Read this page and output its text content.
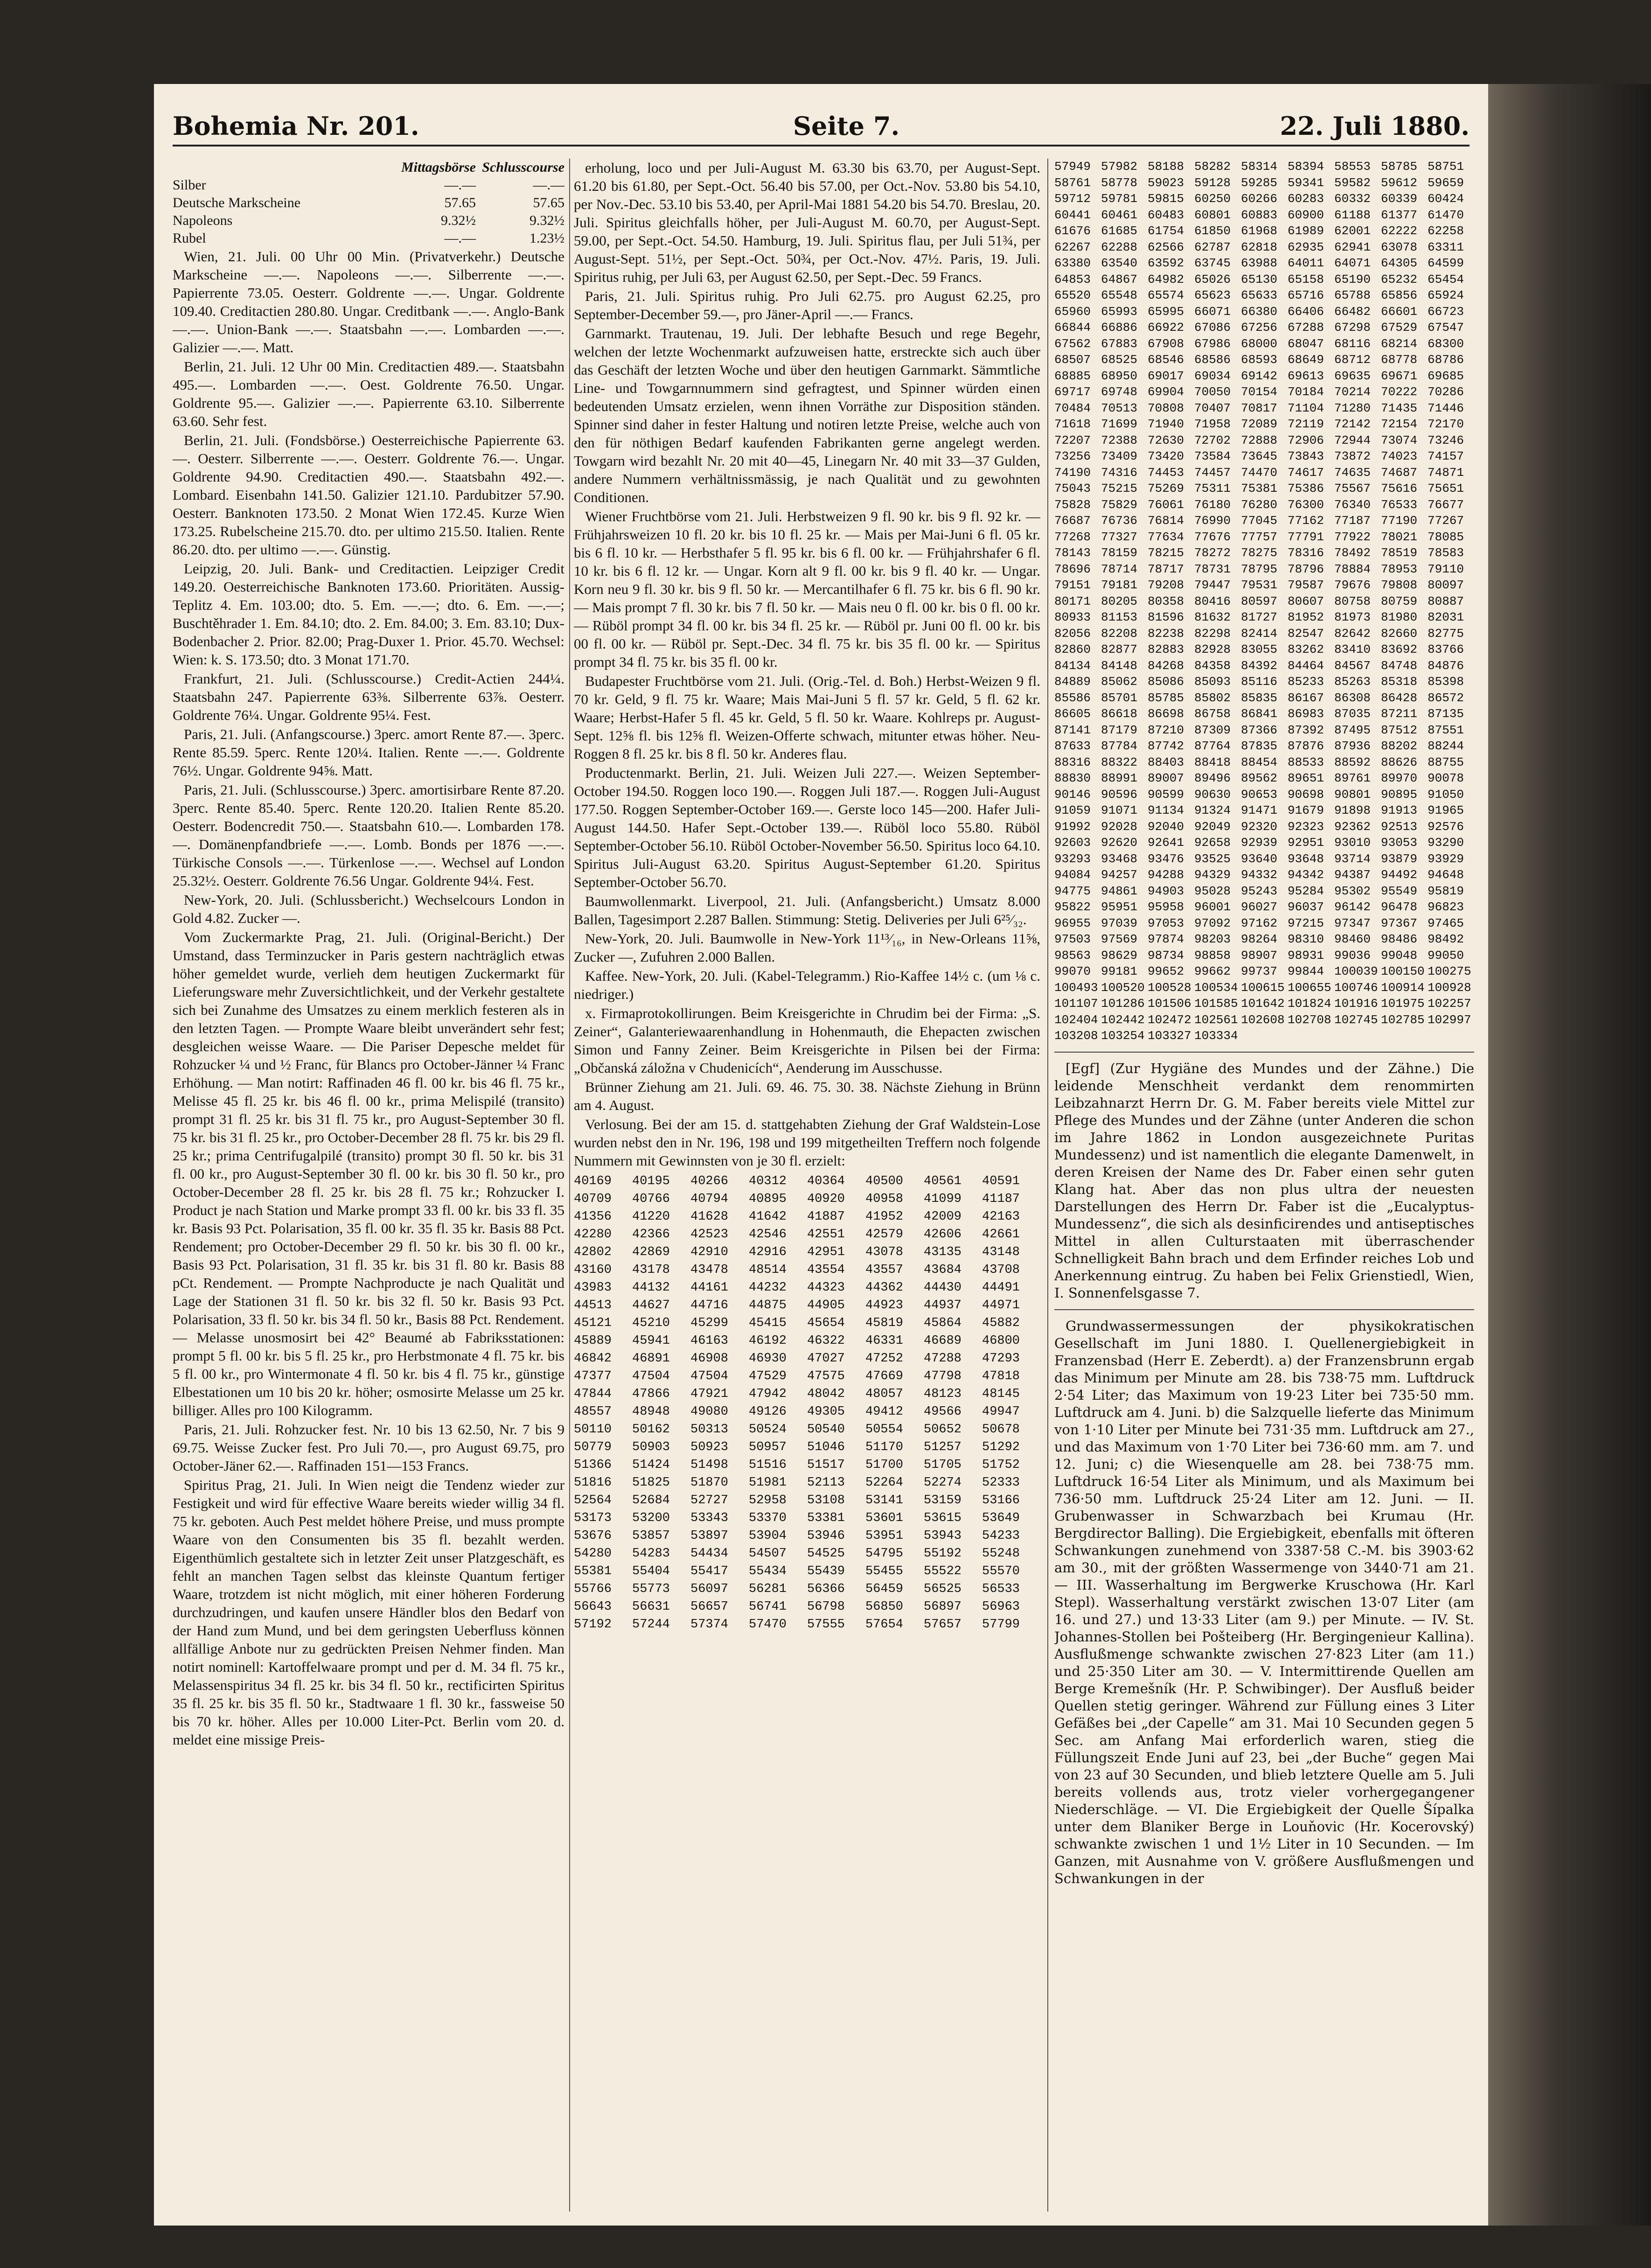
Bohemia Nr. 201.	Seite 7.	22. Juli 1880.
Mittagsbörse Schlusscourse
Silber	—.—	—.—
Deutsche Markscheine	57.65	57.65
Napoleons	9.32½	9.32½
Rubel	—.—	1.23½

Wien, 21. Juli. 00 Uhr 00 Min. (Privatverkehr.) Deutsche Markscheine —.—. Napoleons —.—. Silberrente —.—. Papierrente 73.05. Oesterr. Goldrente —.—. Ungar. Goldrente 109.40. Creditactien 280.80. Ungar. Creditbank —.—. Anglo-Bank —.—. Union-Bank —.—. Staatsbahn —.—. Lombarden —.—. Galizier —.—. Matt.

Berlin, 21. Juli. 12 Uhr 00 Min. Creditactien 489.—. Staatsbahn 495.—. Lombarden —.—. Oest. Goldrente 76.50. Ungar. Goldrente 95.—. Galizier —.—. Papierrente 63.10. Silberrente 63.60. Sehr fest.

Berlin, 21. Juli. (Fondsbörse.) Oesterreichische Papierrente 63.—. Oesterr. Silberrente —.—. Oesterr. Goldrente 76.—. Ungar. Goldrente 94.90. Creditactien 490.—. Staatsbahn 492.—. Lombard. Eisenbahn 141.50. Galizier 121.10. Pardubitzer 57.90. Oesterr. Banknoten 173.50. 2 Monat Wien 172.45. Kurze Wien 173.25. Rubelscheine 215.70. dto. per ultimo 215.50. Italien. Rente 86.20. dto. per ultimo —.—. Günstig.

Leipzig, 20. Juli. Bank- und Creditactien. Leipziger Credit 149.20. Oesterreichische Banknoten 173.60. Prioritäten. Aussig-Teplitz 4. Em. 103.00; dto. 5. Em. —.—; dto. 6. Em. —.—; Buschtěhrader 1. Em. 84.10; dto. 2. Em. 84.00; 3. Em. 83.10; Dux-Bodenbacher 2. Prior. 82.00; Prag-Duxer 1. Prior. 45.70. Wechsel: Wien: k. S. 173.50; dto. 3 Monat 171.70.

Frankfurt, 21. Juli. (Schlusscourse.) Credit-Actien 244¼. Staatsbahn 247. Papierrente 63⅜. Silberrente 63⅞. Oesterr. Goldrente 76¼. Ungar. Goldrente 95¼. Fest.

Paris, 21. Juli. (Anfangscourse.) 3perc. amort Rente 87.—. 3perc. Rente 85.59. 5perc. Rente 120¼. Italien. Rente —.—. Goldrente 76½. Ungar. Goldrente 94⅝. Matt.

Paris, 21. Juli. (Schlusscourse.) 3perc. amortisirbare Rente 87.20. 3perc. Rente 85.40. 5perc. Rente 120.20. Italien Rente 85.20. Oesterr. Bodencredit 750.—. Staatsbahn 610.—. Lombarden 178.—. Domänenpfandbriefe —.—. Lomb. Bonds per 1876 —.—. Türkische Consols —.—. Türkenlose —.—. Wechsel auf London 25.32½. Oesterr. Goldrente 76.56 Ungar. Goldrente 94¼. Fest.

New-York, 20. Juli. (Schlussbericht.) Wechselcours London in Gold 4.82. Zucker —.

Vom Zuckermarkte Prag, 21. Juli. (Original-Bericht.) Der Umstand, dass Terminzucker in Paris gestern nachträglich etwas höher gemeldet wurde, verlieh dem heutigen Zuckermarkt für Lieferungsware mehr Zuversichtlichkeit, und der Verkehr gestaltete sich bei Zunahme des Umsatzes zu einem merklich festeren als in den letzten Tagen. — Prompte Waare bleibt unverändert sehr fest; desgleichen weisse Waare. — Die Pariser Depesche meldet für Rohzucker ¼ und ½ Franc, für Blancs pro October-Jänner ¼ Franc Erhöhung. — Man notirt: Raffinaden 46 fl. 00 kr. bis 46 fl. 75 kr., Melisse 45 fl. 25 kr. bis 46 fl. 00 kr., prima Melispilé (transito) prompt 31 fl. 25 kr. bis 31 fl. 75 kr., pro August-September 30 fl. 75 kr. bis 31 fl. 25 kr., pro October-December 28 fl. 75 kr. bis 29 fl. 25 kr.; prima Centrifugalpilé (transito) prompt 30 fl. 50 kr. bis 31 fl. 00 kr., pro August-September 30 fl. 00 kr. bis 30 fl. 50 kr., pro October-December 28 fl. 25 kr. bis 28 fl. 75 kr.; Rohzucker I. Product je nach Station und Marke prompt 33 fl. 00 kr. bis 33 fl. 35 kr. Basis 93 Pct. Polarisation, 35 fl. 00 kr. 35 fl. 35 kr. Basis 88 Pct. Rendement; pro October-December 29 fl. 50 kr. bis 30 fl. 00 kr., Basis 93 Pct. Polarisation, 31 fl. 35 kr. bis 31 fl. 80 kr. Basis 88 pCt. Rendement. — Prompte Nachproducte je nach Qualität und Lage der Stationen 31 fl. 50 kr. bis 32 fl. 50 kr. Basis 93 Pct. Polarisation, 33 fl. 50 kr. bis 34 fl. 50 kr., Basis 88 Pct. Rendement. — Melasse unosmosirt bei 42° Beaumé ab Fabriksstationen: prompt 5 fl. 00 kr. bis 5 fl. 25 kr., pro Herbstmonate 4 fl. 75 kr. bis 5 fl. 00 kr., pro Wintermonate 4 fl. 50 kr. bis 4 fl. 75 kr., günstige Elbestationen um 10 bis 20 kr. höher; osmosirte Melasse um 25 kr. billiger. Alles pro 100 Kilogramm.

Paris, 21. Juli. Rohzucker fest. Nr. 10 bis 13 62.50, Nr. 7 bis 9 69.75. Weisse Zucker fest. Pro Juli 70.—, pro August 69.75, pro October-Jäner 62.—. Raffinaden 151—153 Francs.

Spiritus Prag, 21. Juli. In Wien neigt die Tendenz wieder zur Festigkeit und wird für effective Waare bereits wieder willig 34 fl. 75 kr. geboten. Auch Pest meldet höhere Preise, und muss prompte Waare von den Consumenten bis 35 fl. bezahlt werden. Eigenthümlich gestaltete sich in letzter Zeit unser Platzgeschäft, es fehlt an manchen Tagen selbst das kleinste Quantum fertiger Waare, trotzdem ist nicht möglich, mit einer höheren Forderung durchzudringen, und kaufen unsere Händler blos den Bedarf von der Hand zum Mund, und bei dem geringsten Ueberfluss können allfällige Anbote nur zu gedrückten Preisen Nehmer finden. Man notirt nominell: Kartoffelwaare prompt und per d. M. 34 fl. 75 kr., Melassenspiritus 34 fl. 25 kr. bis 34 fl. 50 kr., rectificirten Spiritus 35 fl. 25 kr. bis 35 fl. 50 kr., Stadtwaare 1 fl. 30 kr., fassweise 50 bis 70 kr. höher. Alles per 10.000 Liter-Pct. Berlin vom 20. d. meldet eine missige Preis-

erholung, loco und per Juli-August M. 63.30 bis 63.70, per August-Sept. 61.20 bis 61.80, per Sept.-Oct. 56.40 bis 57.00, per Oct.-Nov. 53.80 bis 54.10, per Nov.-Dec. 53.10 bis 53.40, per April-Mai 1881 54.20 bis 54.70. Breslau, 20. Juli. Spiritus gleichfalls höher, per Juli-August M. 60.70, per August-Sept. 59.00, per Sept.-Oct. 54.50. Hamburg, 19. Juli. Spiritus flau, per Juli 51¾, per August-Sept. 51½, per Sept.-Oct. 50¾, per Oct.-Nov. 47½. Paris, 19. Juli. Spiritus ruhig, per Juli 63, per August 62.50, per Sept.-Dec. 59 Francs.

Paris, 21. Juli. Spiritus ruhig. Pro Juli 62.75. pro August 62.25, pro September-December 59.—, pro Jäner-April —.— Francs.

Garnmarkt. Trautenau, 19. Juli. Der lebhafte Besuch und rege Begehr, welchen der letzte Wochenmarkt aufzuweisen hatte, erstreckte sich auch über das Geschäft der letzten Woche und über den heutigen Garnmarkt. Sämmtliche Line- und Towgarnnummern sind gefragtest, und Spinner würden einen bedeutenden Umsatz erzielen, wenn ihnen Vorräthe zur Disposition ständen. Spinner sind daher in fester Haltung und notiren letzte Preise, welche auch von den für nöthigen Bedarf kaufenden Fabrikanten gerne angelegt werden. Towgarn wird bezahlt Nr. 20 mit 40—45, Linegarn Nr. 40 mit 33—37 Gulden, andere Nummern verhältnissmässig, je nach Qualität und zu gewohnten Conditionen.

Wiener Fruchtbörse vom 21. Juli. Herbstweizen 9 fl. 90 kr. bis 9 fl. 92 kr. — Frühjahrsweizen 10 fl. 20 kr. bis 10 fl. 25 kr. — Mais per Mai-Juni 6 fl. 05 kr. bis 6 fl. 10 kr. — Herbsthafer 5 fl. 95 kr. bis 6 fl. 00 kr. — Frühjahrshafer 6 fl. 10 kr. bis 6 fl. 12 kr. — Ungar. Korn alt 9 fl. 00 kr. bis 9 fl. 40 kr. — Ungar. Korn neu 9 fl. 30 kr. bis 9 fl. 50 kr. — Mercantilhafer 6 fl. 75 kr. bis 6 fl. 90 kr. — Mais prompt 7 fl. 30 kr. bis 7 fl. 50 kr. — Mais neu 0 fl. 00 kr. bis 0 fl. 00 kr. — Rüböl prompt 34 fl. 00 kr. bis 34 fl. 25 kr. — Rüböl pr. Juni 00 fl. 00 kr. bis 00 fl. 00 kr. — Rüböl pr. Sept.-Dec. 34 fl. 75 kr. bis 35 fl. 00 kr. — Spiritus prompt 34 fl. 75 kr. bis 35 fl. 00 kr.

Budapester Fruchtbörse vom 21. Juli. (Orig.-Tel. d. Boh.) Herbst-Weizen 9 fl. 70 kr. Geld, 9 fl. 75 kr. Waare; Mais Mai-Juni 5 fl. 57 kr. Geld, 5 fl. 62 kr. Waare; Herbst-Hafer 5 fl. 45 kr. Geld, 5 fl. 50 kr. Waare. Kohlreps pr. August-Sept. 12⅝ fl. bis 12⅝ fl. Weizen-Offerte schwach, mitunter etwas höher. Neu-Roggen 8 fl. 25 kr. bis 8 fl. 50 kr. Anderes flau.

Productenmarkt. Berlin, 21. Juli. Weizen Juli 227.—. Weizen September-October 194.50. Roggen loco 190.—. Roggen Juli 187.—. Roggen Juli-August 177.50. Roggen September-October 169.—. Gerste loco 145—200. Hafer Juli-August 144.50. Hafer Sept.-October 139.—. Rüböl loco 55.80. Rüböl September-October 56.10. Rüböl October-November 56.50. Spiritus loco 64.10. Spiritus Juli-August 63.20. Spiritus August-September 61.20. Spiritus September-October 56.70.

Baumwollenmarkt. Liverpool, 21. Juli. (Anfangsbericht.) Umsatz 8.000 Ballen, Tagesimport 2.287 Ballen. Stimmung: Stetig. Deliveries per Juli 6²⁵⁄₃₂.

New-York, 20. Juli. Baumwolle in New-York 11¹³⁄₁₆, in New-Orleans 11⅝, Zucker —, Zufuhren 2.000 Ballen.

Kaffee. New-York, 20. Juli. (Kabel-Telegramm.) Rio-Kaffee 14½ c. (um ⅛ c. niedriger.)

x. Firmaprotokollirungen. Beim Kreisgerichte in Chrudim bei der Firma: „S. Zeiner“, Galanteriewaarenhandlung in Hohenmauth, die Ehepacten zwischen Simon und Fanny Zeiner. Beim Kreisgerichte in Pilsen bei der Firma: „Občanská záložna v Chudenicích“, Aenderung im Ausschusse.

Brünner Ziehung am 21. Juli. 69. 46. 75. 30. 38. Nächste Ziehung in Brünn am 4. August.

Verlosung. Bei der am 15. d. stattgehabten Ziehung der Graf Waldstein-Lose wurden nebst den in Nr. 196, 198 und 199 mitgetheilten Treffern noch folgende Nummern mit Gewinnsten von je 30 fl. erzielt:

40169	40195	40266	40312	40364	40500	40561	40591
40709	40766	40794	40895	40920	40958	41099	41187
41356	41220	41628	41642	41887	41952	42009	42163
42280	42366	42523	42546	42551	42579	42606	42661
42802	42869	42910	42916	42951	43078	43135	43148
43160	43178	43478	48514	43554	43557	43684	43708
43983	44132	44161	44232	44323	44362	44430	44491
44513	44627	44716	44875	44905	44923	44937	44971
45121	45210	45299	45415	45654	45819	45864	45882
45889	45941	46163	46192	46322	46331	46689	46800
46842	46891	46908	46930	47027	47252	47288	47293
47377	47504	47504	47529	47575	47669	47798	47818
47844	47866	47921	47942	48042	48057	48123	48145
48557	48948	49080	49126	49305	49412	49566	49947
50110	50162	50313	50524	50540	50554	50652	50678
50779	50903	50923	50957	51046	51170	51257	51292
51366	51424	51498	51516	51517	51700	51705	51752
51816	51825	51870	51981	52113	52264	52274	52333
52564	52684	52727	52958	53108	53141	53159	53166
53173	53200	53343	53370	53381	53601	53615	53649
53676	53857	53897	53904	53946	53951	53943	54233
54280	54283	54434	54507	54525	54795	55192	55248
55381	55404	55417	55434	55439	55455	55522	55570
55766	55773	56097	56281	56366	56459	56525	56533
56643	56631	56657	56741	56798	56850	56897	56963
57192	57244	57374	57470	57555	57654	57657	57799
57949 57982 58188 58282 58314 58394 58553 58785 58751
58761 58778 59023 59128 59285 59341 59582 59612 59659
59712 59781 59815 60250 60266 60283 60332 60339 60424
60441 60461 60483 60801 60883 60900 61188 61377 61470
61676 61685 61754 61850 61968 61989 62001 62222 62258
62267 62288 62566 62787 62818 62935 62941 63078 63311
63380 63540 63592 63745 63988 64011 64071 64305 64599
64853 64867 64982 65026 65130 65158 65190 65232 65454
65520 65548 65574 65623 65633 65716 65788 65856 65924
65960 65993 65995 66071 66380 66406 66482 66601 66723
66844 66886 66922 67086 67256 67288 67298 67529 67547
67562 67883 67908 67986 68000 68047 68116 68214 68300
68507 68525 68546 68586 68593 68649 68712 68778 68786
68885 68950 69017 69034 69142 69613 69635 69671 69685
69717 69748 69904 70050 70154 70184 70214 70222 70286
70484 70513 70808 70407 70817 71104 71280 71435 71446
71618 71699 71940 71958 72089 72119 72142 72154 72170
72207 72388 72630 72702 72888 72906 72944 73074 73246
73256 73409 73420 73584 73645 73843 73872 74023 74157
74190 74316 74453 74457 74470 74617 74635 74687 74871
75043 75215 75269 75311 75381 75386 75567 75616 75651
75828 75829 76061 76180 76280 76300 76340 76533 76677
76687 76736 76814 76990 77045 77162 77187 77190 77267
77268 77327 77634 77676 77757 77791 77922 78021 78085
78143 78159 78215 78272 78275 78316 78492 78519 78583
78696 78714 78717 78731 78795 78796 78884 78953 79110
79151 79181 79208 79447 79531 79587 79676 79808 80097
80171 80205 80358 80416 80597 80607 80758 80759 80887
80933 81153 81596 81632 81727 81952 81973 81980 82031
82056 82208 82238 82298 82414 82547 82642 82660 82775
82860 82877 82883 82928 83055 83262 83410 83692 83766
84134 84148 84268 84358 84392 84464 84567 84748 84876
84889 85062 85086 85093 85116 85233 85263 85318 85398
85586 85701 85785 85802 85835 86167 86308 86428 86572
86605 86618 86698 86758 86841 86983 87035 87211 87135
87141 87179 87210 87309 87366 87392 87495 87512 87551
87633 87784 87742 87764 87835 87876 87936 88202 88244
88316 88322 88403 88418 88454 88533 88592 88626 88755
88830 88991 89007 89496 89562 89651 89761 89970 90078
90146 90596 90599 90630 90653 90698 90801 90895 91050
91059 91071 91134 91324 91471 91679 91898 91913 91965
91992 92028 92040 92049 92320 92323 92362 92513 92576
92603 92620 92641 92658 92939 92951 93010 93053 93290
93293 93468 93476 93525 93640 93648 93714 93879 93929
94084 94257 94288 94329 94332 94342 94387 94492 94648
94775 94861 94903 95028 95243 95284 95302 95549 95819
95822 95951 95958 96001 96027 96037 96142 96478 96823
96955 97039 97053 97092 97162 97215 97347 97367 97465
97503 97569 97874 98203 98264 98310 98460 98486 98492
98563 98629 98734 98858 98907 98931 99036 99048 99050
99070 99181 99652 99662 99737 99844 100039 100150 100275
100493 100520 100528 100534 100615 100655 100746 100914 100928
101107 101286 101506 101585 101642 101824 101916 101975 102257
102404 102442 102472 102561 102608 102708 102745 102785 102997
103208 103254 103327 103334

[Egf] (Zur Hygiäne des Mundes und der Zähne.) Die leidende Menschheit verdankt dem renommirten Leibzahnarzt Herrn Dr. G. M. Faber bereits viele Mittel zur Pflege des Mundes und der Zähne (unter Anderen die schon im Jahre 1862 in London ausgezeichnete Puritas Mundessenz) und ist namentlich die elegante Damenwelt, in deren Kreisen der Name des Dr. Faber einen sehr guten Klang hat. Aber das non plus ultra der neuesten Darstellungen des Herrn Dr. Faber ist die „Eucalyptus-Mundessenz“, die sich als desinficirendes und antiseptisches Mittel in allen Culturstaaten mit überraschender Schnelligkeit Bahn brach und dem Erfinder reiches Lob und Anerkennung eintrug. Zu haben bei Felix Grienstiedl, Wien, I. Sonnenfelsgasse 7.

Grundwassermessungen der physikokratischen Gesellschaft im Juni 1880. I. Quellenergiebigkeit in Franzensbad (Herr E. Zeberdt). a) der Franzensbrunn ergab das Minimum per Minute am 28. bis 738·75 mm. Luftdruck 2·54 Liter; das Maximum von 19·23 Liter bei 735·50 mm. Luftdruck am 4. Juni. b) die Salzquelle lieferte das Minimum von 1·10 Liter per Minute bei 731·35 mm. Luftdruck am 27., und das Maximum von 1·70 Liter bei 736·60 mm. am 7. und 12. Juni; c) die Wiesenquelle am 28. bei 738·75 mm. Luftdruck 16·54 Liter als Minimum, und als Maximum bei 736·50 mm. Luftdruck 25·24 Liter am 12. Juni. — II. Grubenwasser in Schwarzbach bei Krumau (Hr. Bergdirector Balling). Die Ergiebigkeit, ebenfalls mit öfteren Schwankungen zunehmend von 3387·58 C.-M. bis 3903·62 am 30., mit der größten Wassermenge von 3440·71 am 21. — III. Wasserhaltung im Bergwerke Kruschowa (Hr. Karl Stepl). Wasserhaltung verstärkt zwischen 13·07 Liter (am 16. und 27.) und 13·33 Liter (am 9.) per Minute. — IV. St. Johannes-Stollen bei Pošteiberg (Hr. Bergingenieur Kallina). Ausflußmenge schwankte zwischen 27·823 Liter (am 11.) und 25·350 Liter am 30. — V. Intermittirende Quellen am Berge Kremešník (Hr. P. Schwibinger). Der Ausfluß beider Quellen stetig geringer. Während zur Füllung eines 3 Liter Gefäßes bei „der Capelle“ am 31. Mai 10 Secunden gegen 5 Sec. am Anfang Mai erforderlich waren, stieg die Füllungszeit Ende Juni auf 23, bei „der Buche“ gegen Mai von 23 auf 30 Secunden, und blieb letztere Quelle am 5. Juli bereits vollends aus, trotz vieler vorhergegangener Niederschläge. — VI. Die Ergiebigkeit der Quelle Šípalka unter dem Blaniker Berge in Louňovic (Hr. Kocerovský) schwankte zwischen 1 und 1½ Liter in 10 Secunden. — Im Ganzen, mit Ausnahme von V. größere Ausflußmengen und Schwankungen in der
